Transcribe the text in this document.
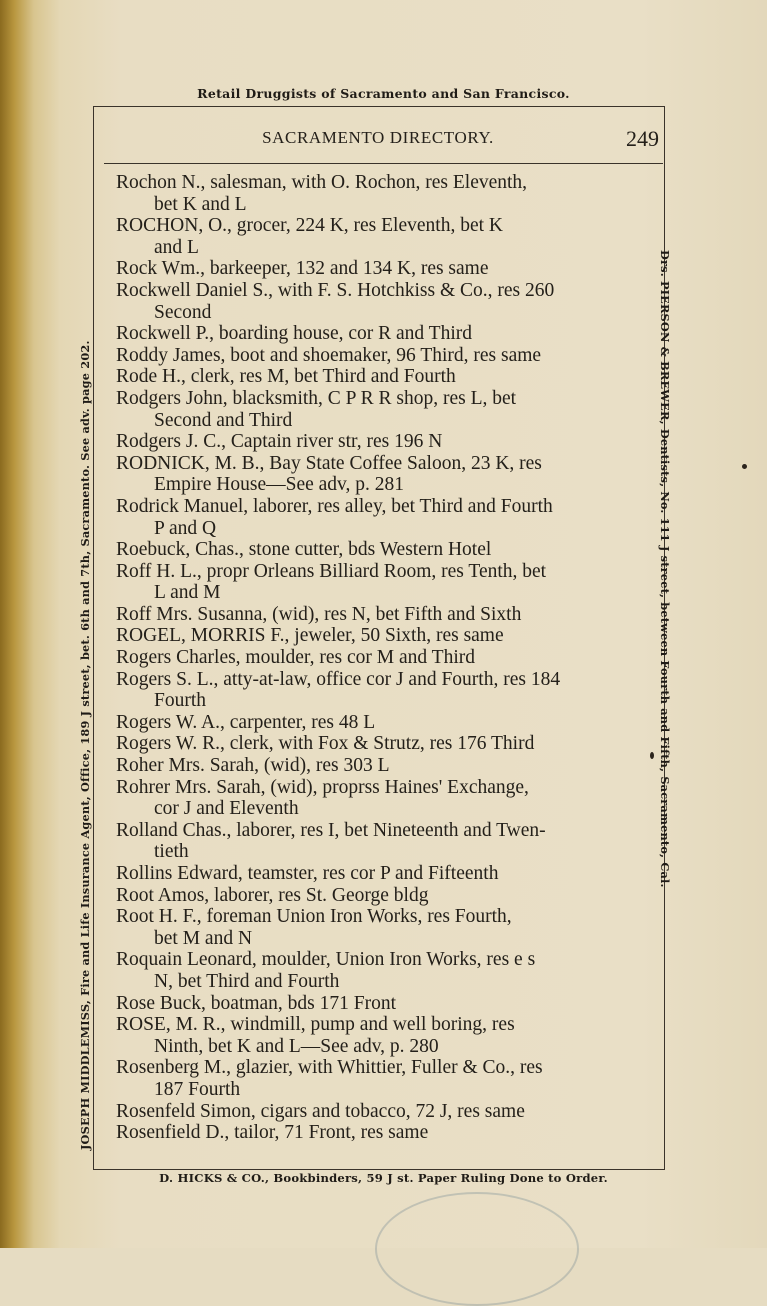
Retail Druggists of Sacramento and San Francisco.
SACRAMENTO DIRECTORY.	249
Rochon N., salesman, with O. Rochon, res Eleventh,
bet K and L
ROCHON, O., grocer, 224 K, res Eleventh, bet K
and L
Rock Wm., barkeeper, 132 and 134 K, res same
Rockwell Daniel S., with F. S. Hotchkiss & Co., res 260
Second
Rockwell P., boarding house, cor R and Third
Roddy James, boot and shoemaker, 96 Third, res same
Rode H., clerk, res M, bet Third and Fourth
Rodgers John, blacksmith, C P R R shop, res L, bet
Second and Third
Rodgers J. C., Captain river str, res 196 N
RODNICK, M. B., Bay State Coffee Saloon, 23 K, res
Empire House—See adv, p. 281
Rodrick Manuel, laborer, res alley, bet Third and Fourth
P and Q
Roebuck, Chas., stone cutter, bds Western Hotel
Roff H. L., propr Orleans Billiard Room, res Tenth, bet
L and M
Roff Mrs. Susanna, (wid), res N, bet Fifth and Sixth
ROGEL, MORRIS F., jeweler, 50 Sixth, res same
Rogers Charles, moulder, res cor M and Third
Rogers S. L., atty-at-law, office cor J and Fourth, res 184
Fourth
Rogers W. A., carpenter, res 48 L
Rogers W. R., clerk, with Fox & Strutz, res 176 Third
Roher Mrs. Sarah, (wid), res 303 L
Rohrer Mrs. Sarah, (wid), proprss Haines' Exchange,
cor J and Eleventh
Rolland Chas., laborer, res I, bet Nineteenth and Twen-
tieth
Rollins Edward, teamster, res cor P and Fifteenth
Root Amos, laborer, res St. George bldg
Root H. F., foreman Union Iron Works, res Fourth,
bet M and N
Roquain Leonard, moulder, Union Iron Works, res e s
N, bet Third and Fourth
Rose Buck, boatman, bds 171 Front
ROSE, M. R., windmill, pump and well boring, res
Ninth, bet K and L—See adv, p. 280
Rosenberg M., glazier, with Whittier, Fuller & Co., res
187 Fourth
Rosenfeld Simon, cigars and tobacco, 72 J, res same
Rosenfield D., tailor, 71 Front, res same
JOSEPH MIDDLEMISS, Fire and Life Insurance Agent, Office, 189 J street, bet. 6th and 7th, Sacramento. See adv. page 202.	Drs. PIERSON & BREWER, Dentists, No. 111 J street, between Fourth and Fifth, Sacramento, Cal.
D. HICKS & CO., Bookbinders, 59 J st. Paper Ruling Done to Order.
